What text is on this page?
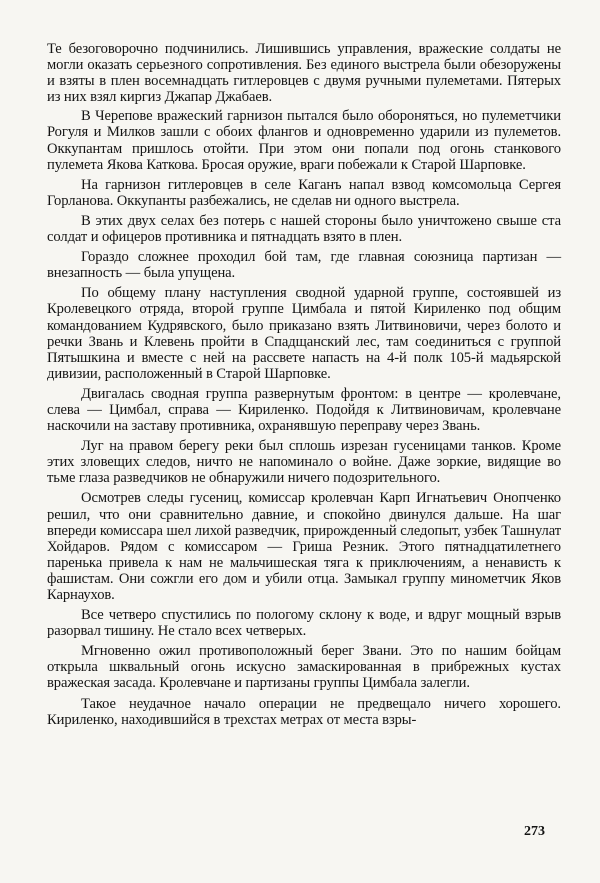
Те безоговорочно подчинились. Лишившись управления, вражеские солдаты не могли оказать серьезного сопротивления. Без единого выстрела были обезоружены и взяты в плен восемнадцать гитлеровцев с двумя ручными пулеметами. Пятерых из них взял киргиз Джапар Джабаев.

В Черепове вражеский гарнизон пытался было обороняться, но пулеметчики Рогуля и Милков зашли с обоих флангов и одновременно ударили из пулеметов. Оккупантам пришлось отойти. При этом они попали под огонь станкового пулемета Якова Каткова. Бросая оружие, враги побежали к Старой Шарповке.

На гарнизон гитлеровцев в селе Каганъ напал взвод комсомольца Сергея Горланова. Оккупанты разбежались, не сделав ни одного выстрела.

В этих двух селах без потерь с нашей стороны было уничтожено свыше ста солдат и офицеров противника и пятнадцать взято в плен.

Гораздо сложнее проходил бой там, где главная союзница партизан — внезапность — была упущена.

По общему плану наступления сводной ударной группе, состоявшей из Кролевецкого отряда, второй группе Цимбала и пятой Кириленко под общим командованием Кудрявского, было приказано взять Литвиновичи, через болото и речки Звань и Клевень пройти в Спадщанский лес, там соединиться с группой Пятышкина и вместе с ней на рассвете напасть на 4-й полк 105-й мадьярской дивизии, расположенный в Старой Шарповке.

Двигалась сводная группа развернутым фронтом: в центре — кролевчане, слева — Цимбал, справа — Кириленко. Подойдя к Литвиновичам, кролевчане наскочили на заставу противника, охранявшую переправу через Звань.

Луг на правом берегу реки был сплошь изрезан гусеницами танков. Кроме этих зловещих следов, ничто не напоминало о войне. Даже зоркие, видящие во тьме глаза разведчиков не обнаружили ничего подозрительного.

Осмотрев следы гусениц, комиссар кролевчан Карп Игнатьевич Онопченко решил, что они сравнительно давние, и спокойно двинулся дальше. На шаг впереди комиссара шел лихой разведчик, прирожденный следопыт, узбек Ташнулат Хойдаров. Рядом с комиссаром — Гриша Резник. Этого пятнадцатилетнего паренька привела к нам не мальчишеская тяга к приключениям, а ненависть к фашистам. Они сожгли его дом и убили отца. Замыкал группу минометчик Яков Карнаухов.

Все четверо спустились по пологому склону к воде, и вдруг мощный взрыв разорвал тишину. Не стало всех четверых.

Мгновенно ожил противоположный берег Звани. Это по нашим бойцам открыла шквальный огонь искусно замаскированная в прибрежных кустах вражеская засада. Кролевчане и партизаны группы Цимбала залегли.

Такое неудачное начало операции не предвещало ничего хорошего. Кириленко, находившийся в трехстах метрах от места взры-

273
